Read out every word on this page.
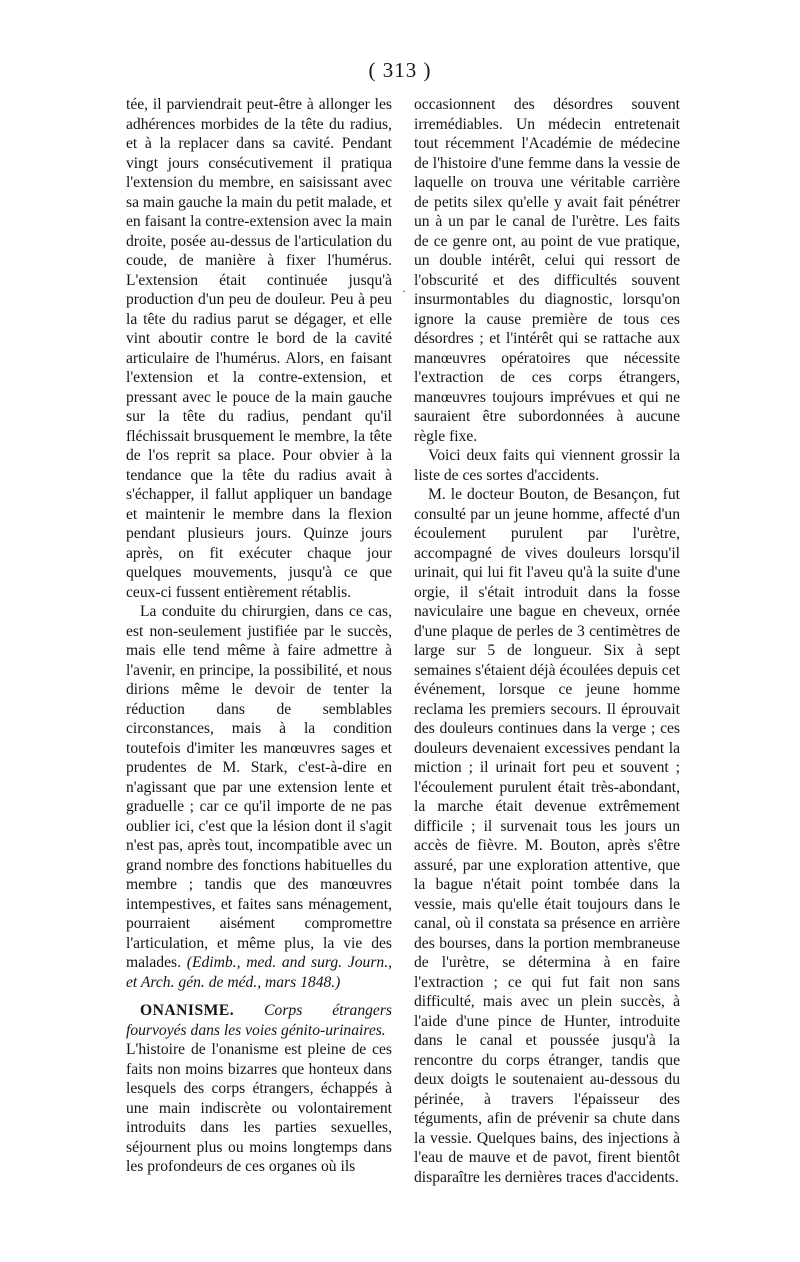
( 313 )

tée, il parviendrait peut-être à allonger les adhérences morbides de la tête du radius, et à la replacer dans sa cavité. Pendant vingt jours consécutivement il pratiqua l'extension du membre, en saisissant avec sa main gauche la main du petit malade, et en faisant la contre-extension avec la main droite, posée au-dessus de l'articulation du coude, de manière à fixer l'humérus. L'extension était continuée jusqu'à production d'un peu de douleur. Peu à peu la tête du radius parut se dégager, et elle vint aboutir contre le bord de la cavité articulaire de l'humérus. Alors, en faisant l'extension et la contre-extension, et pressant avec le pouce de la main gauche sur la tête du radius, pendant qu'il fléchissait brusquement le membre, la tête de l'os reprit sa place. Pour obvier à la tendance que la tête du radius avait à s'échapper, il fallut appliquer un bandage et maintenir le membre dans la flexion pendant plusieurs jours. Quinze jours après, on fit exécuter chaque jour quelques mouvements, jusqu'à ce que ceux-ci fussent entièrement rétablis.

La conduite du chirurgien, dans ce cas, est non-seulement justifiée par le succès, mais elle tend même à faire admettre à l'avenir, en principe, la possibilité, et nous dirions même le devoir de tenter la réduction dans de semblables circonstances, mais à la condition toutefois d'imiter les manœuvres sages et prudentes de M. Stark, c'est-à-dire en n'agissant que par une extension lente et graduelle ; car ce qu'il importe de ne pas oublier ici, c'est que la lésion dont il s'agit n'est pas, après tout, incompatible avec un grand nombre des fonctions habituelles du membre ; tandis que des manœuvres intempestives, et faites sans ménagement, pourraient aisément compromettre l'articulation, et même plus, la vie des malades. (Edimb., med. and surg. Journ., et Arch. gén. de méd., mars 1848.)

ONANISME. Corps étrangers fourvoyés dans les voies génito-urinaires.

L'histoire de l'onanisme est pleine de ces faits non moins bizarres que honteux dans lesquels des corps étrangers, échappés à une main indiscrète ou volontairement introduits dans les parties sexuelles, séjournent plus ou moins longtemps dans les profondeurs de ces organes où ils

·

occasionnent des désordres souvent irremédiables. Un médecin entretenait tout récemment l'Académie de médecine de l'histoire d'une femme dans la vessie de laquelle on trouva une véritable carrière de petits silex qu'elle y avait fait pénétrer un à un par le canal de l'urètre. Les faits de ce genre ont, au point de vue pratique, un double intérêt, celui qui ressort de l'obscurité et des difficultés souvent insurmontables du diagnostic, lorsqu'on ignore la cause première de tous ces désordres ; et l'intérêt qui se rattache aux manœuvres opératoires que nécessite l'extraction de ces corps étrangers, manœuvres toujours imprévues et qui ne sauraient être subordonnées à aucune règle fixe.

Voici deux faits qui viennent grossir la liste de ces sortes d'accidents.

M. le docteur Bouton, de Besançon, fut consulté par un jeune homme, affecté d'un écoulement purulent par l'urètre, accompagné de vives douleurs lorsqu'il urinait, qui lui fit l'aveu qu'à la suite d'une orgie, il s'était introduit dans la fosse naviculaire une bague en cheveux, ornée d'une plaque de perles de 3 centimètres de large sur 5 de longueur. Six à sept semaines s'étaient déjà écoulées depuis cet événement, lorsque ce jeune homme reclama les premiers secours. Il éprouvait des douleurs continues dans la verge ; ces douleurs devenaient excessives pendant la miction ; il urinait fort peu et souvent ; l'écoulement purulent était très-abondant, la marche était devenue extrêmement difficile ; il survenait tous les jours un accès de fièvre. M. Bouton, après s'être assuré, par une exploration attentive, que la bague n'était point tombée dans la vessie, mais qu'elle était toujours dans le canal, où il constata sa présence en arrière des bourses, dans la portion membraneuse de l'urètre, se détermina à en faire l'extraction ; ce qui fut fait non sans difficulté, mais avec un plein succès, à l'aide d'une pince de Hunter, introduite dans le canal et poussée jusqu'à la rencontre du corps étranger, tandis que deux doigts le soutenaient au-dessous du périnée, à travers l'épaisseur des téguments, afin de prévenir sa chute dans la vessie. Quelques bains, des injections à l'eau de mauve et de pavot, firent bientôt disparaître les dernières traces d'accidents.
